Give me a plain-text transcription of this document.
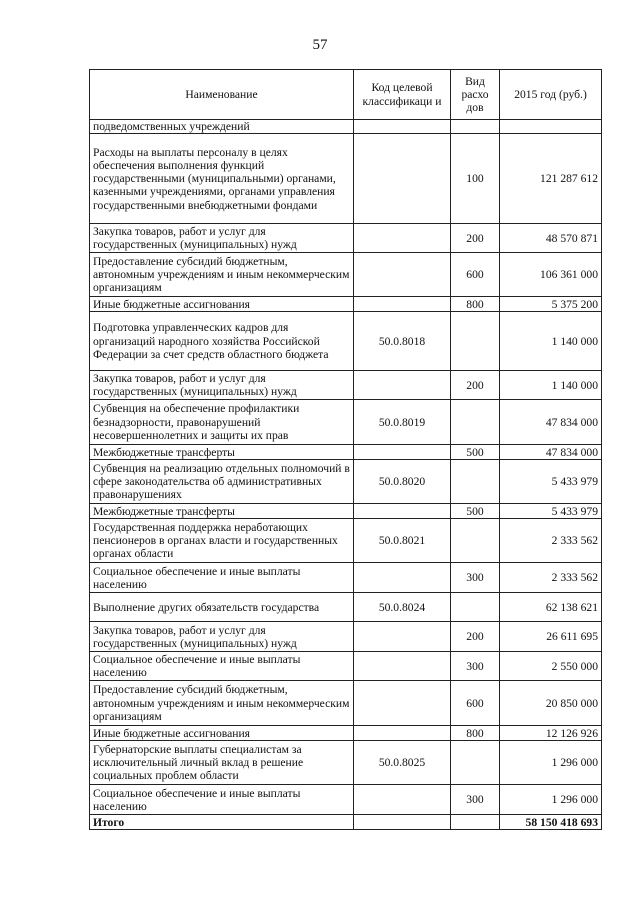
57
Наименование	Код целевой классификаци и	Вид расхо дов	2015 год (руб.)
подведомственных учреждений			
Расходы на выплаты персоналу в целях обеспечения выполнения функций государственными (муниципальными) органами, казенными учреждениями, органами управления государственными внебюджетными фондами		100	121 287 612
Закупка товаров, работ и услуг для государственных (муниципальных) нужд		200	48 570 871
Предоставление субсидий бюджетным, автономным учреждениям и иным некоммерческим организациям		600	106 361 000
Иные бюджетные ассигнования		800	5 375 200
Подготовка управленческих кадров для организаций народного хозяйства Российской Федерации за счет средств областного бюджета	50.0.8018		1 140 000
Закупка товаров, работ и услуг для государственных (муниципальных) нужд		200	1 140 000
Субвенция на обеспечение профилактики безнадзорности, правонарушений несовершеннолетних и защиты их прав	50.0.8019		47 834 000
Межбюджетные трансферты		500	47 834 000
Субвенция на реализацию отдельных полномочий в сфере законодательства об административных правонарушениях	50.0.8020		5 433 979
Межбюджетные трансферты		500	5 433 979
Государственная поддержка неработающих пенсионеров в органах власти и государственных органах области	50.0.8021		2 333 562
Социальное обеспечение и иные выплаты населению		300	2 333 562
Выполнение других обязательств государства	50.0.8024		62 138 621
Закупка товаров, работ и услуг для государственных (муниципальных) нужд		200	26 611 695
Социальное обеспечение и иные выплаты населению		300	2 550 000
Предоставление субсидий бюджетным, автономным учреждениям и иным некоммерческим организациям		600	20 850 000
Иные бюджетные ассигнования		800	12 126 926
Губернаторские выплаты специалистам за исключительный личный вклад в решение социальных проблем области	50.0.8025		1 296 000
Социальное обеспечение и иные выплаты населению		300	1 296 000
Итого			58 150 418 693
